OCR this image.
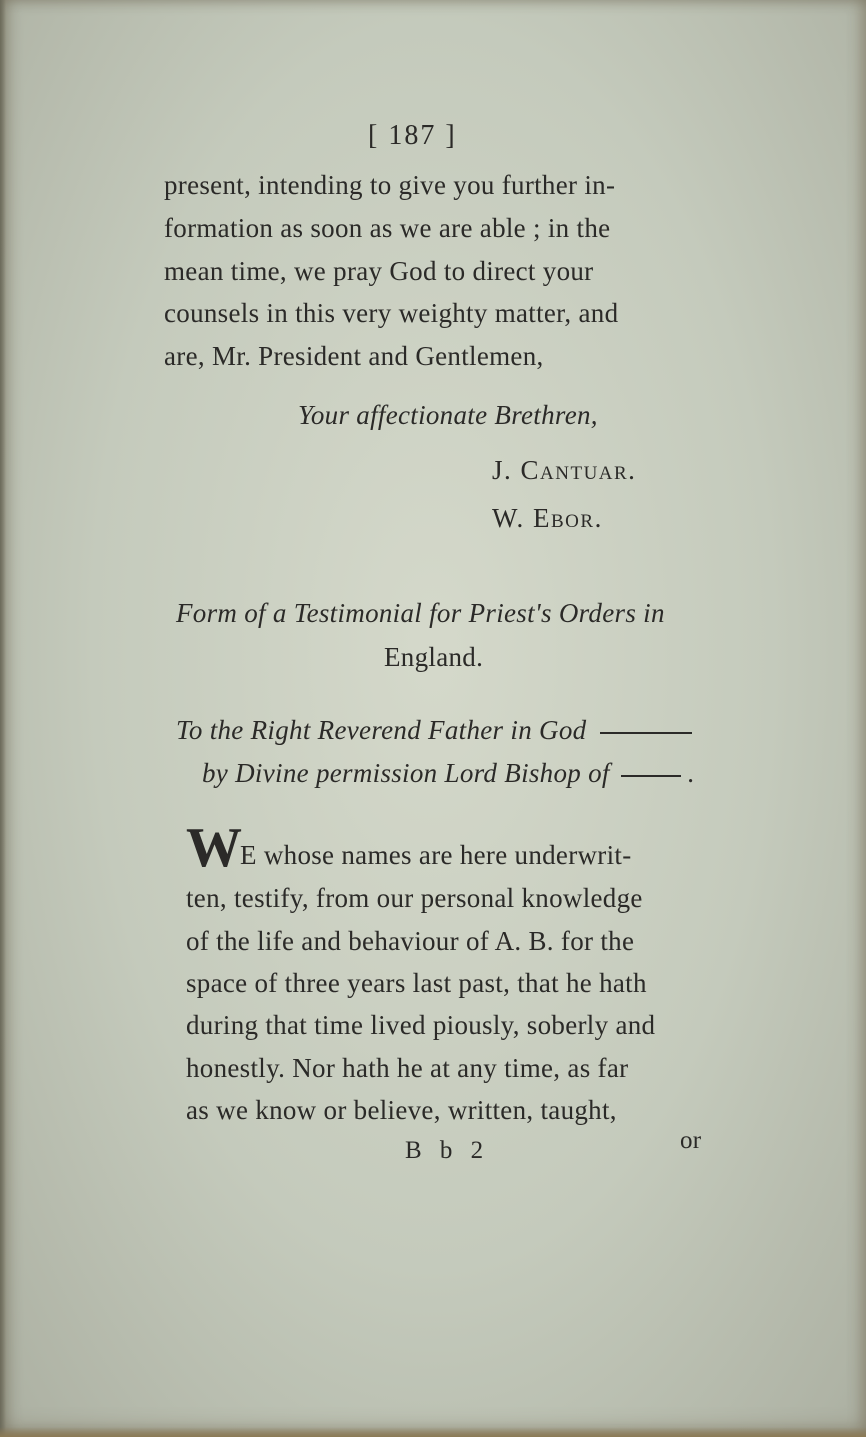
[ 187 ]
present, intending to give you further in-
formation as soon as we are able ; in the
mean time, we pray God to direct your
counsels in this very weighty matter, and
are, Mr. President and Gentlemen,
Your affectionate Brethren,
J. Cantuar.
W. Ebor.
Form of a Testimonial for Priest's Orders in
England.
To the Right Reverend Father in God
by Divine permission Lord Bishop of	.
W
E whose names are here underwrit-
ten, testify, from our personal knowledge
of the life and behaviour of A. B. for the
space of three years last past, that he hath
during that time lived piously, soberly and
honestly. Nor hath he at any time, as far
as we know or believe, written, taught,
B b 2	or
